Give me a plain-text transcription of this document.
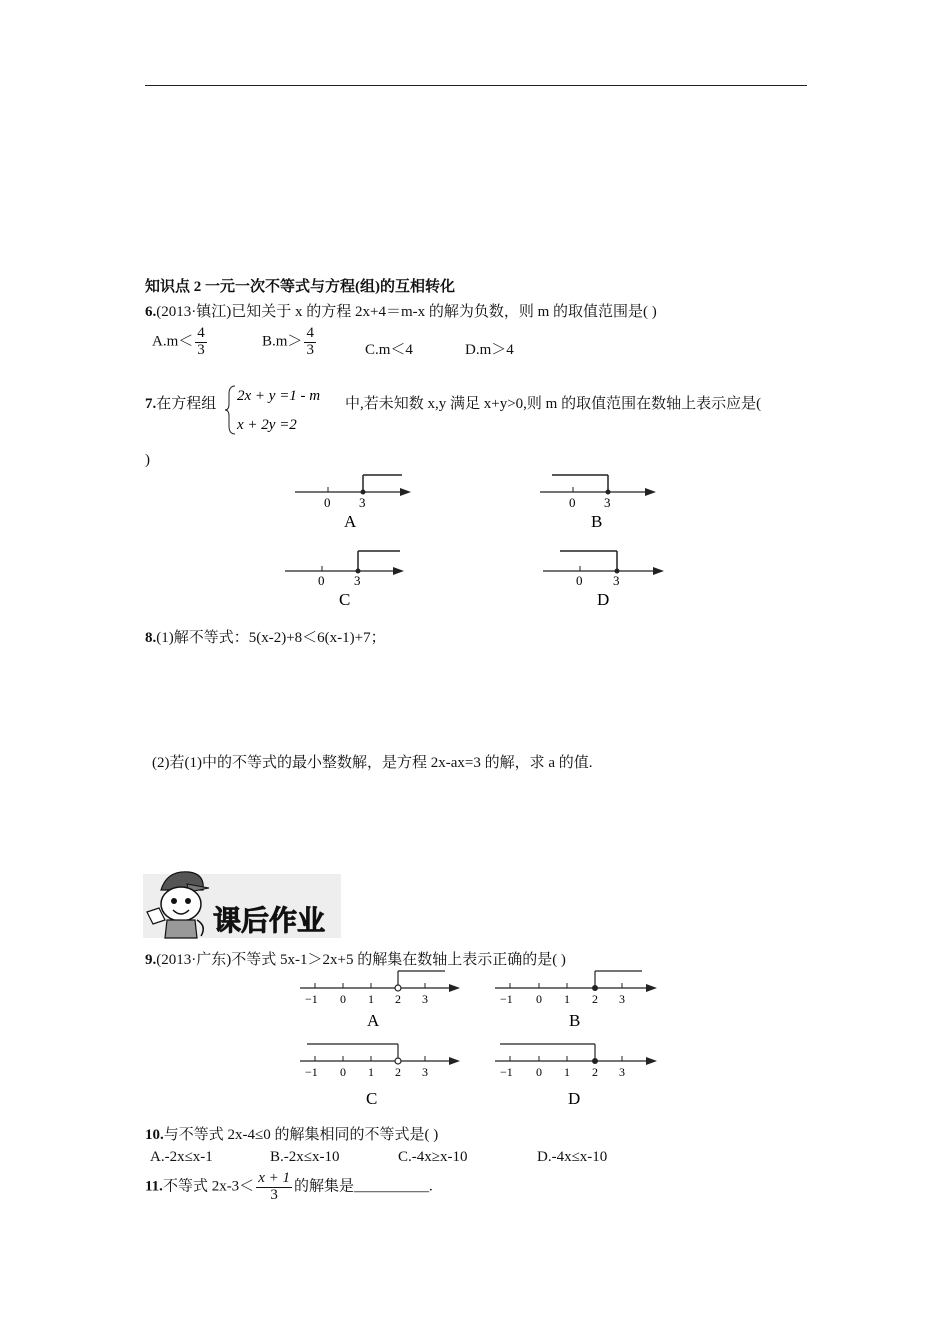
知识点 2 一元一次不等式与方程(组)的互相转化
6.(2013·镇江)已知关于 x 的方程 2x+4＝m-x 的解为负数，则 m 的取值范围是( )
$A.m< \frac{4}{3}$	$B.m> \frac{4}{3}$	C.m＜4	D.m＞4
7.在方程组 2x + y =1 - m
x + 2y =2
中,若未知数 x,y 满足 x+y>0,则 m 的取值范围在数轴上表示应是(
)
0 3
A
0 3
B
0 3
C
0 3
D
8.(1)解不等式：5(x-2)+8＜6(x-1)+7；
(2)若(1)中的不等式的最小整数解，是方程 2x-ax=3 的解，求 a 的值.
课后作业
9.(2013·广东)不等式 5x-1＞2x+5 的解集在数轴上表示正确的是( )
−1 0 1 2 3
A
−1 0 1 2 3
B
−1 0 1 2 3
C
−1 0 1 2 3
D
10.与不等式 2x-4≤0 的解集相同的不等式是( )
A.-2x≤x-1	B.-2x≤x-10	C.-4x≥x-10	D.-4x≤x-10
11.不等式 $2x-3< \frac{x + 1}{3}$ 的解集是__________.
